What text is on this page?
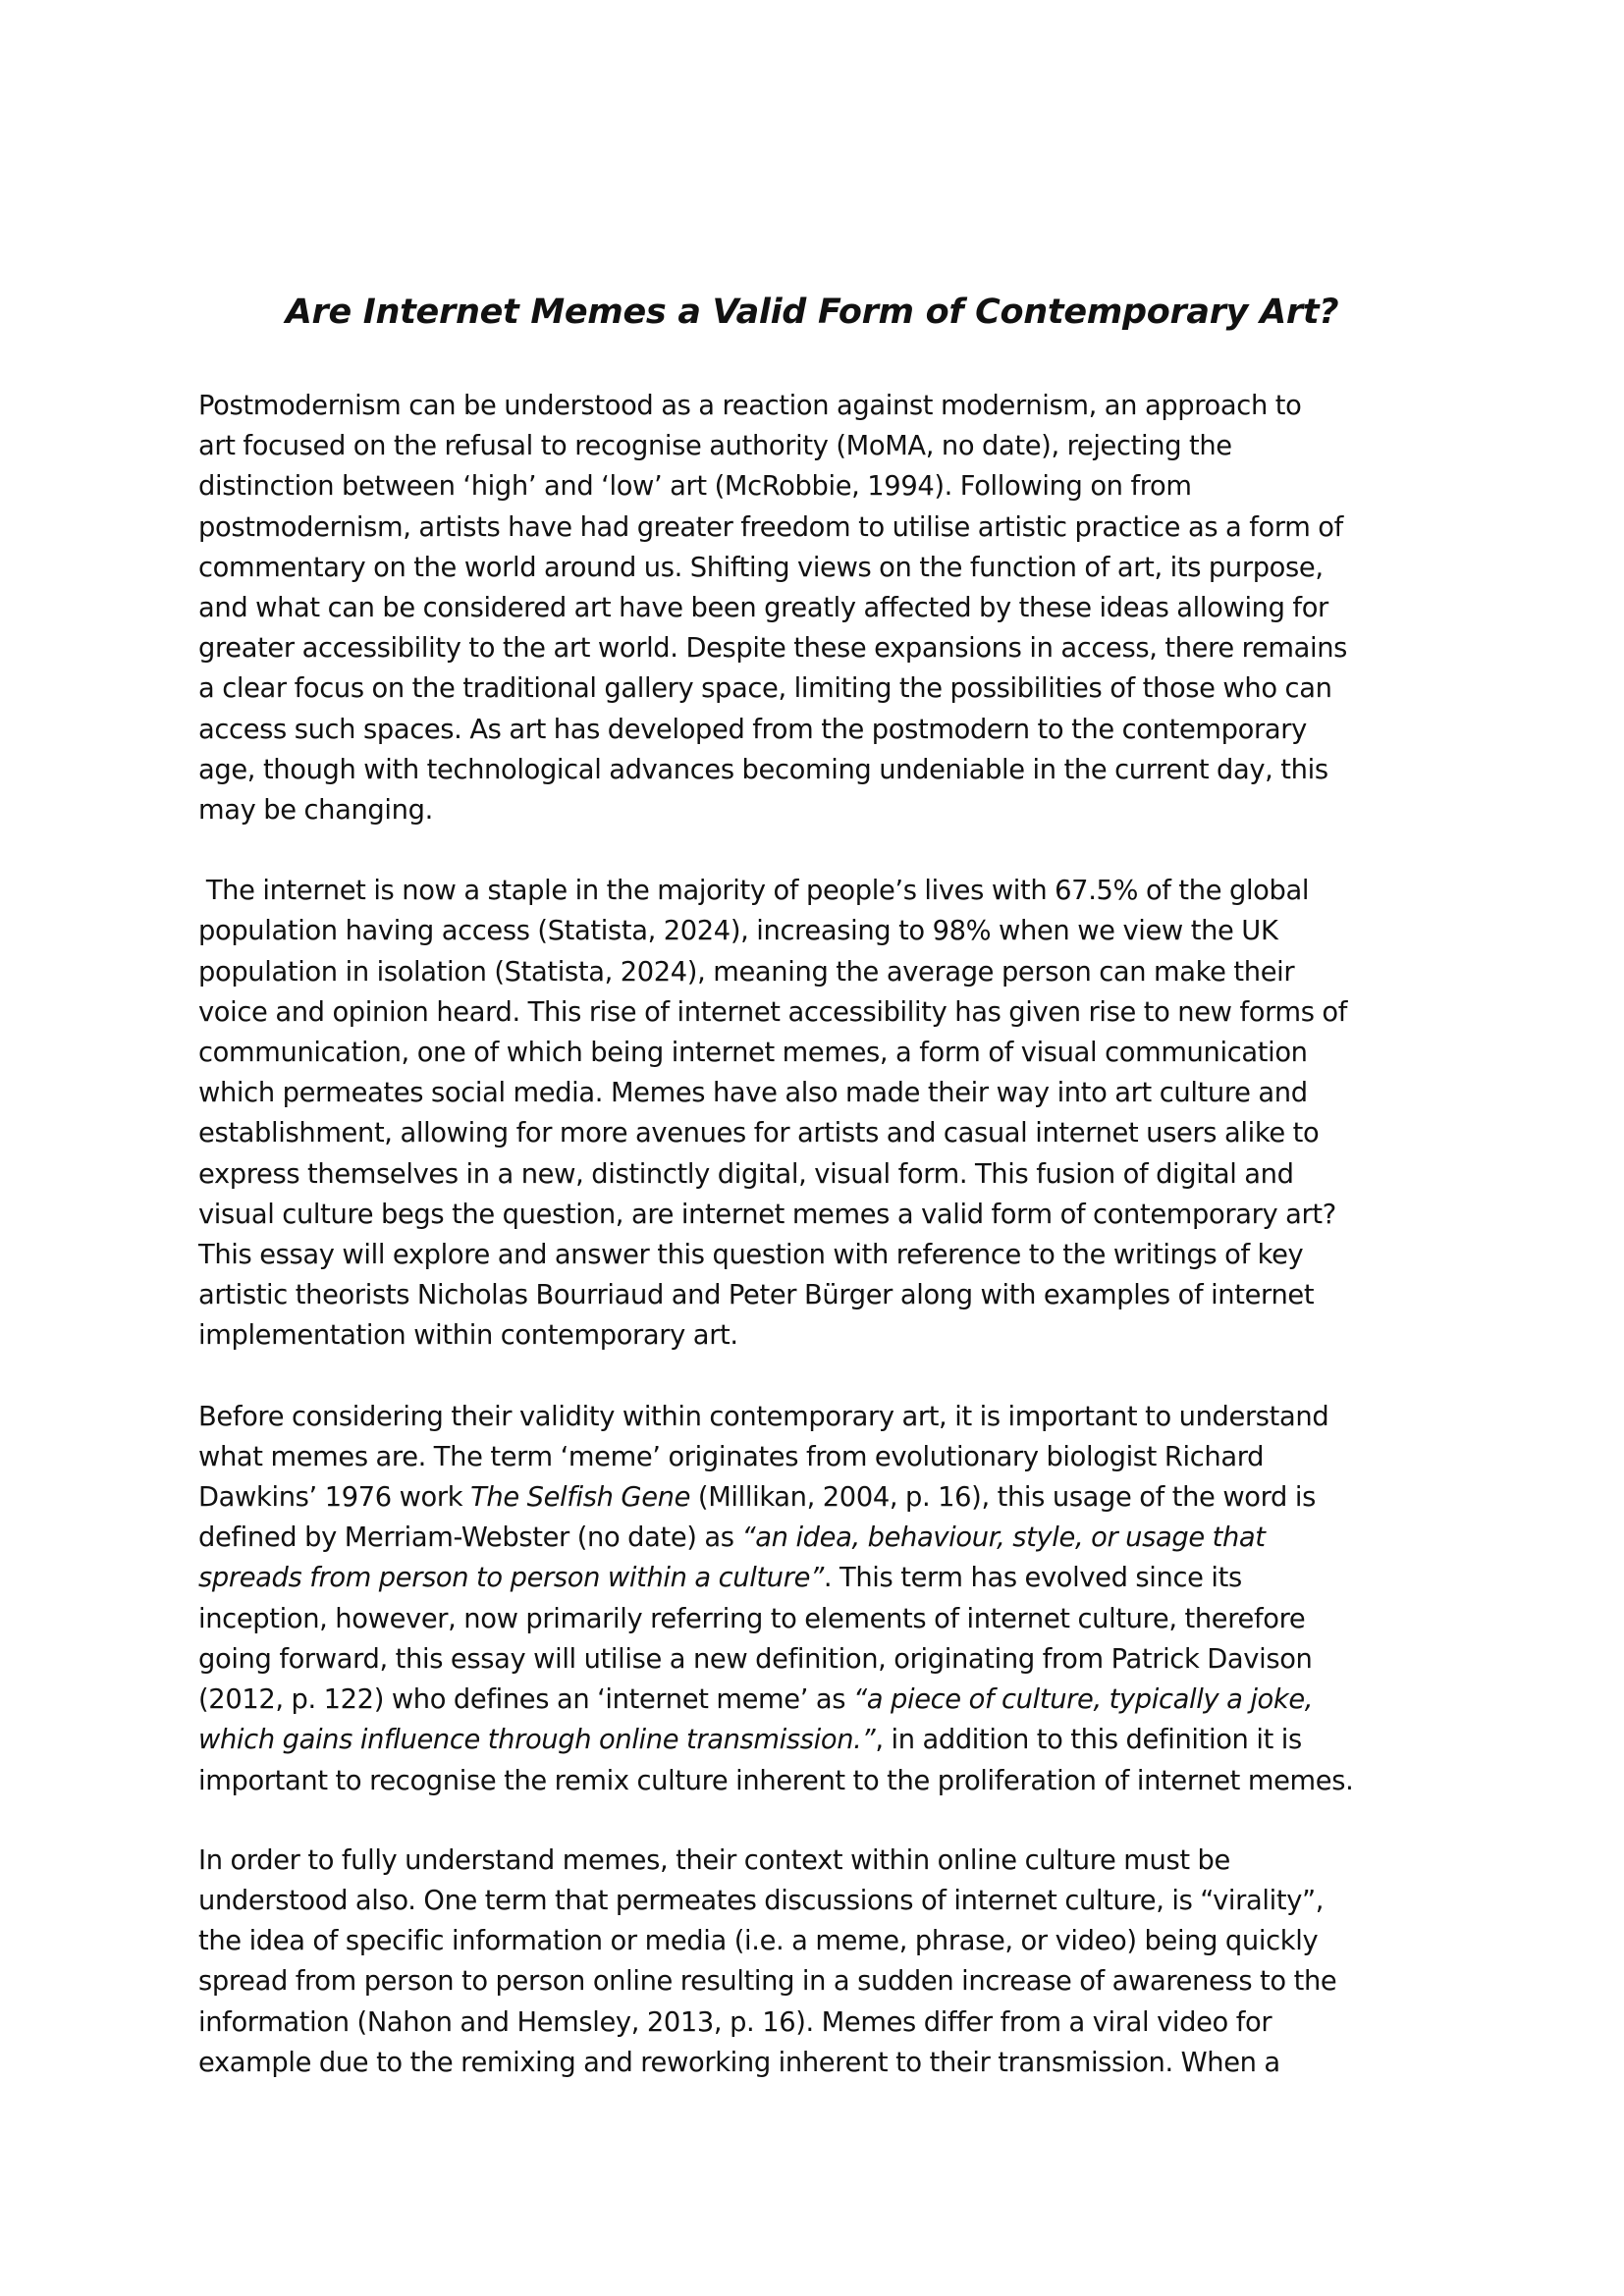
Are Internet Memes a Valid Form of Contemporary Art?

Postmodernism can be understood as a reaction against modernism, an approach to
art focused on the refusal to recognise authority (MoMA, no date), rejecting the
distinction between ‘high’ and ‘low’ art (McRobbie, 1994). Following on from
postmodernism, artists have had greater freedom to utilise artistic practice as a form of
commentary on the world around us. Shifting views on the function of art, its purpose,
and what can be considered art have been greatly affected by these ideas allowing for
greater accessibility to the art world. Despite these expansions in access, there remains
a clear focus on the traditional gallery space, limiting the possibilities of those who can
access such spaces. As art has developed from the postmodern to the contemporary
age, though with technological advances becoming undeniable in the current day, this
may be changing.

The internet is now a staple in the majority of people’s lives with 67.5% of the global
population having access (Statista, 2024), increasing to 98% when we view the UK
population in isolation (Statista, 2024), meaning the average person can make their
voice and opinion heard. This rise of internet accessibility has given rise to new forms of
communication, one of which being internet memes, a form of visual communication
which permeates social media. Memes have also made their way into art culture and
establishment, allowing for more avenues for artists and casual internet users alike to
express themselves in a new, distinctly digital, visual form. This fusion of digital and
visual culture begs the question, are internet memes a valid form of contemporary art?
This essay will explore and answer this question with reference to the writings of key
artistic theorists Nicholas Bourriaud and Peter Bürger along with examples of internet
implementation within contemporary art.

Before considering their validity within contemporary art, it is important to understand
what memes are. The term ‘meme’ originates from evolutionary biologist Richard
Dawkins’ 1976 work The Selfish Gene (Millikan, 2004, p. 16), this usage of the word is
defined by Merriam-Webster (no date) as “an idea, behaviour, style, or usage that
spreads from person to person within a culture”. This term has evolved since its
inception, however, now primarily referring to elements of internet culture, therefore
going forward, this essay will utilise a new definition, originating from Patrick Davison
(2012, p. 122) who defines an ‘internet meme’ as “a piece of culture, typically a joke,
which gains influence through online transmission.”, in addition to this definition it is
important to recognise the remix culture inherent to the proliferation of internet memes.

In order to fully understand memes, their context within online culture must be
understood also. One term that permeates discussions of internet culture, is “virality”,
the idea of specific information or media (i.e. a meme, phrase, or video) being quickly
spread from person to person online resulting in a sudden increase of awareness to the
information (Nahon and Hemsley, 2013, p. 16). Memes differ from a viral video for
example due to the remixing and reworking inherent to their transmission. When a
